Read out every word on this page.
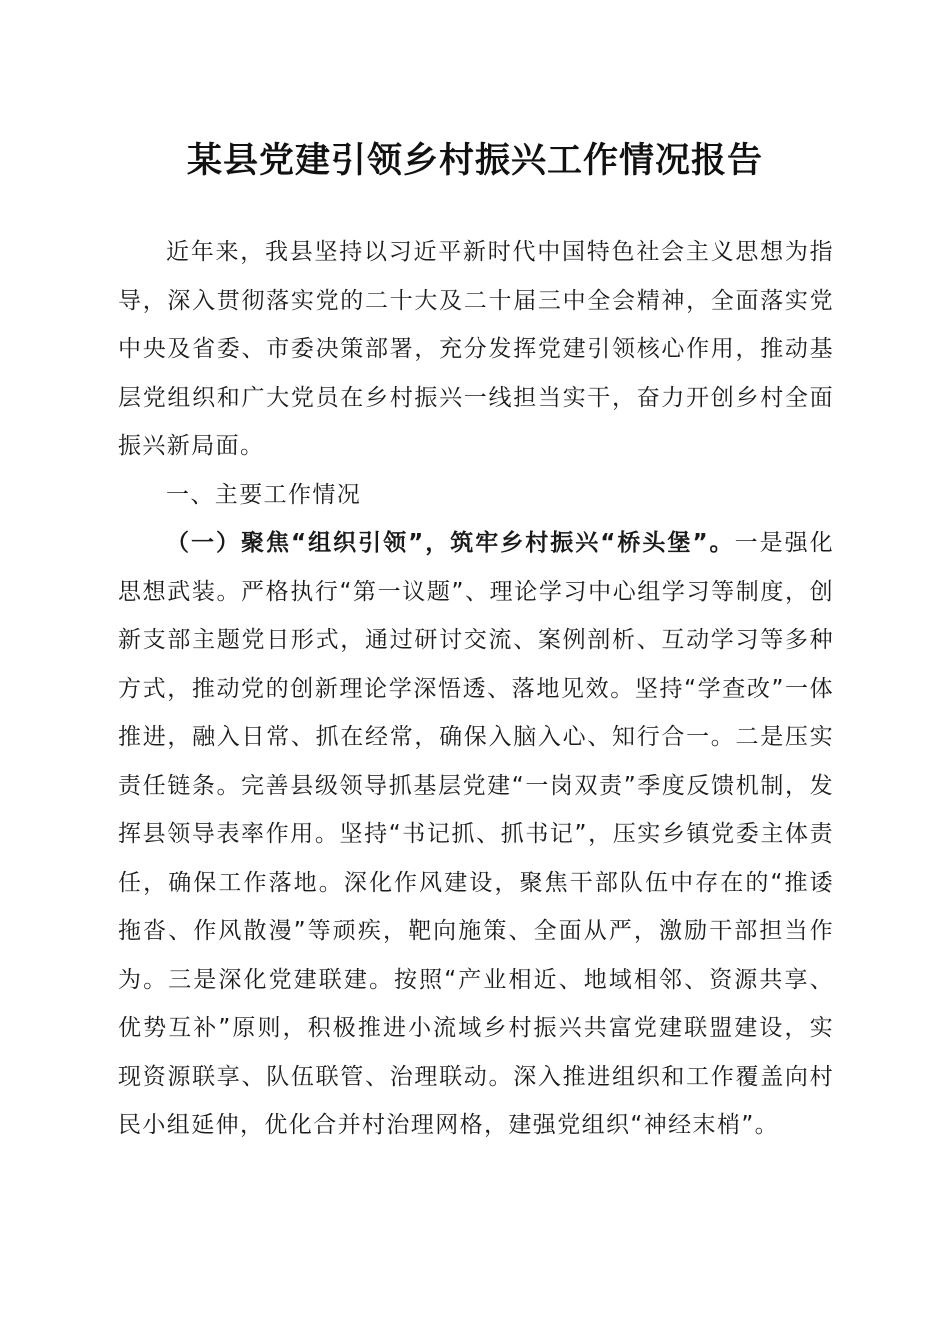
某县党建引领乡村振兴工作情况报告

近年来，我县坚持以习近平新时代中国特色社会主义思想为指导，深入贯彻落实党的二十大及二十届三中全会精神，全面落实党中央及省委、市委决策部署，充分发挥党建引领核心作用，推动基层党组织和广大党员在乡村振兴一线担当实干，奋力开创乡村全面振兴新局面。

一、主要工作情况

（一）聚焦“组织引领”，筑牢乡村振兴“桥头堡”。一是强化思想武装。严格执行“第一议题”、理论学习中心组学习等制度，创新支部主题党日形式，通过研讨交流、案例剖析、互动学习等多种方式，推动党的创新理论学深悟透、落地见效。坚持“学查改”一体推进，融入日常、抓在经常，确保入脑入心、知行合一。二是压实责任链条。完善县级领导抓基层党建“一岗双责”季度反馈机制，发挥县领导表率作用。坚持“书记抓、抓书记”，压实乡镇党委主体责任，确保工作落地。深化作风建设，聚焦干部队伍中存在的“推诿拖沓、作风散漫”等顽疾，靶向施策、全面从严，激励干部担当作为。三是深化党建联建。按照“产业相近、地域相邻、资源共享、优势互补”原则，积极推进小流域乡村振兴共富党建联盟建设，实现资源联享、队伍联管、治理联动。深入推进组织和工作覆盖向村民小组延伸，优化合并村治理网格，建强党组织“神经末梢”。
